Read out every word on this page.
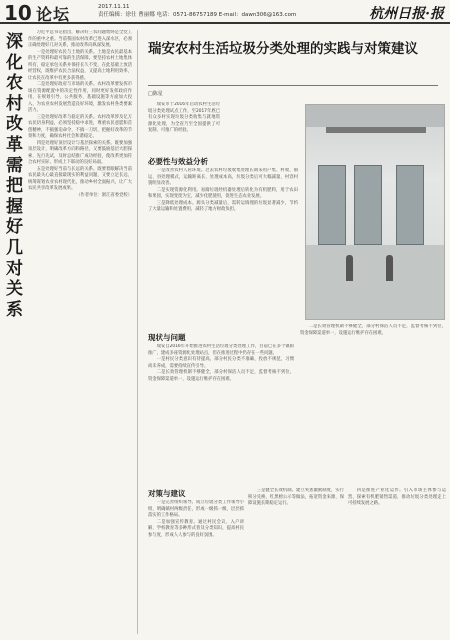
10 论坛	2017.11.11
责任编辑：徐仕 曹丽娜 电话：0571-86757189 E-mail：dawn306@163.com	杭州日报·报
深化农村改革需把握好几对关系

习近平总书记指出，解决好三农问题始终是全党工作的重中之重。当前我国农村改革已进入深水区，必须正确处理好几对关系，推动改革向纵深发展。

一是处理好农民与土地的关系。土地是农民最基本的生产资料和最可靠的生活保障。要坚持农村土地集体所有，稳定承包关系并保持长久不变，在此基础上放活经营权，既维护农民合法权益，又提高土地利用效率，让农民在改革中有更多获得感。

二是处理好政府与市场的关系。农村改革要发挥市场在资源配置中的决定性作用，同时更好发挥政府作用，在规划引导、公共服务、基础设施等方面加大投入，为农业农村发展营造良好环境，激发农村各类要素活力。

三是处理好改革与稳定的关系。农村改革涉及亿万农民切身利益，必须坚持稳中求进，尊重农民意愿和首创精神，不搞强迫命令，不搞一刀切，把握好改革的节奏和力度，确保农村社会和谐稳定。

四是处理好顶层设计与基层探索的关系。既要加强顶层设计，明确改革方向和路径，又要鼓励基层大胆探索、先行先试，及时总结推广成功经验，使改革更加符合农村实际，形成上下联动的良好局面。

五是处理好当前与长远的关系。既要着眼解决当前农民最关心最直接最现实的利益问题，又要立足长远，统筹谋划农业农村现代化，推动乡村全面振兴，让广大农民共享改革发展成果。

（作者单位：浙江省委党校）

瑞安农村生活垃圾分类处理的实践与对策建议
□陈星

瑞安市于2016年启动农村生活垃圾分类处理试点工作，至2017年底已有众多村实现垃圾分类收集与就地资源化处理，为全省乃至全国提供了可复制、可推广的经验。

必要性与效益分析

一是改善农村人居环境。过去农村垃圾收集处理长期采用户集、村收、镇运、县处理模式，运输距离长、处理成本高，垃圾分类后可大幅减量，村容村貌明显改善。

二是实现资源化利用。易腐垃圾经机器处理后转化为有机肥料，用于农田和果园，实现变废为宝，减少化肥使用，促进生态农业发展。

三是降低处理成本。源头分类减量后，需转运填埋的垃圾显著减少，节约了大量运输和处置费用，减轻了地方财政负担。

现状与问题

瑞安自2016年开始推进农村生活垃圾分类处理工作，目前已在多个镇街推广，建成多座资源化处理站点，但在推进过程中仍存在一些问题。

一是村民分类意识有待提高，部分村民分类不准确、投放不规范，习惯尚未养成，需要持续宣传引导。

二是长效管理机制不够健全，部分村保洁人员不足，监督考核不到位，资金保障渠道单一，设施运行维护存在困难。

二是长效管理机制不够健全，部分村保洁人员不足，监督考核不到位，资金保障渠道单一，设施运行维护存在困难。

对策与建议

一是完善组织领导。成立垃圾分类工作领导小组，明确镇村两级责任，形成一级抓一级、层层抓落实的工作格局。

二是加强宣传教育。通过村民会议、入户讲解、学校教育等多种形式普及分类知识，提高村民参与度，形成人人参与的良好氛围。

三是健全长效机制。建立奖惩激励制度，实行积分兑换、红黑榜公示等做法，拓宽资金来源，保障设施长期稳定运行。

四是推进产业化运作。引入市场主体参与运营，探索有机肥销售渠道，推动垃圾分类处理走上可持续发展之路。
